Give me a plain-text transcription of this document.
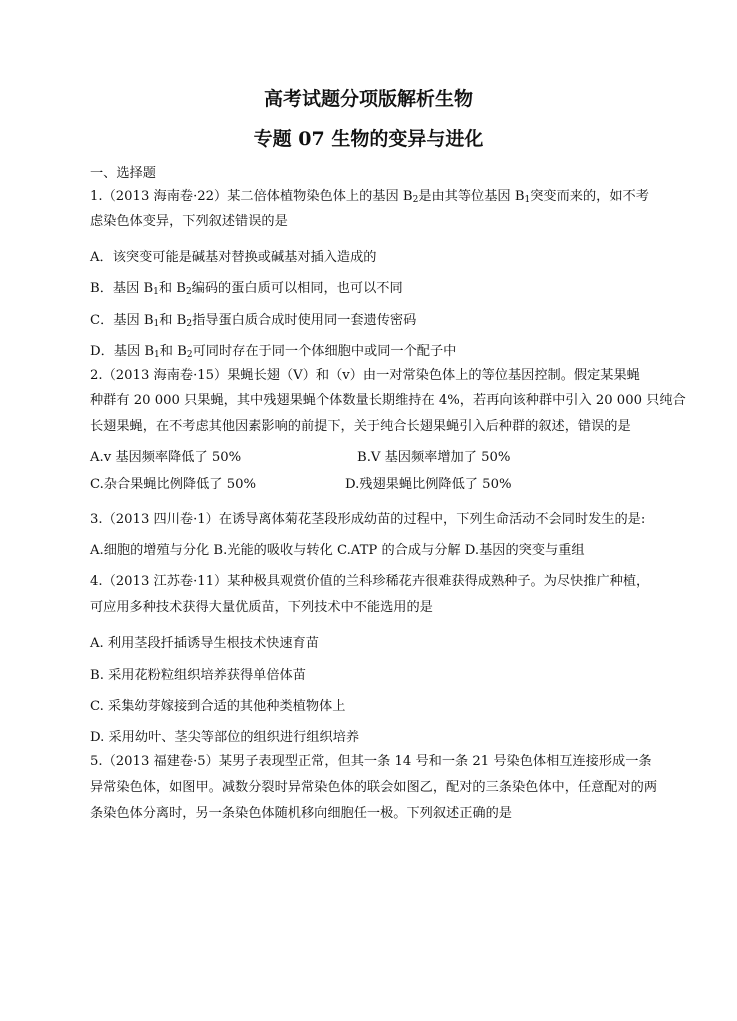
高考试题分项版解析生物
专题 07 生物的变异与进化
一、选择题
1.（2013 海南卷·22）某二倍体植物染色体上的基因 $B_2$是由其等位基因 $B_1$突变而来的，如不考
虑染色体变异，下列叙述错误的是
A．该突变可能是碱基对替换或碱基对插入造成的
B．基因 $B_1$和 $B_2$编码的蛋白质可以相同，也可以不同
C．基因 $B_1$和 $B_2$指导蛋白质合成时使用同一套遗传密码
D．基因 $B_1$和 $B_2$可同时存在于同一个体细胞中或同一个配子中
2.（2013 海南卷·15）果蝇长翅（V）和（v）由一对常染色体上的等位基因控制。假定某果蝇
种群有 20 000 只果蝇，其中残翅果蝇个体数量长期维持在 4%，若再向该种群中引入 20 000 只纯合
长翅果蝇，在不考虑其他因素影响的前提下，关于纯合长翅果蝇引入后种群的叙述，错误的是
A.v 基因频率降低了 50%	B.V 基因频率增加了 50%
C.杂合果蝇比例降低了 50%	D.残翅果蝇比例降低了 50%
3.（2013 四川卷·1）在诱导离体菊花茎段形成幼苗的过程中，下列生命活动不会同时发生的是:
A.细胞的增殖与分化 B.光能的吸收与转化 C.ATP 的合成与分解 D.基因的突变与重组
4.（2013 江苏卷·11）某种极具观赏价值的兰科珍稀花卉很难获得成熟种子。为尽快推广种植，
可应用多种技术获得大量优质苗，下列技术中不能选用的是
A. 利用茎段扦插诱导生根技术快速育苗
B. 采用花粉粒组织培养获得单倍体苗
C. 采集幼芽嫁接到合适的其他种类植物体上
D. 采用幼叶、茎尖等部位的组织进行组织培养
5.（2013 福建卷·5）某男子表现型正常，但其一条 14 号和一条 21 号染色体相互连接形成一条
异常染色体，如图甲。减数分裂时异常染色体的联会如图乙，配对的三条染色体中，任意配对的两
条染色体分离时，另一条染色体随机移向细胞任一极。下列叙述正确的是
